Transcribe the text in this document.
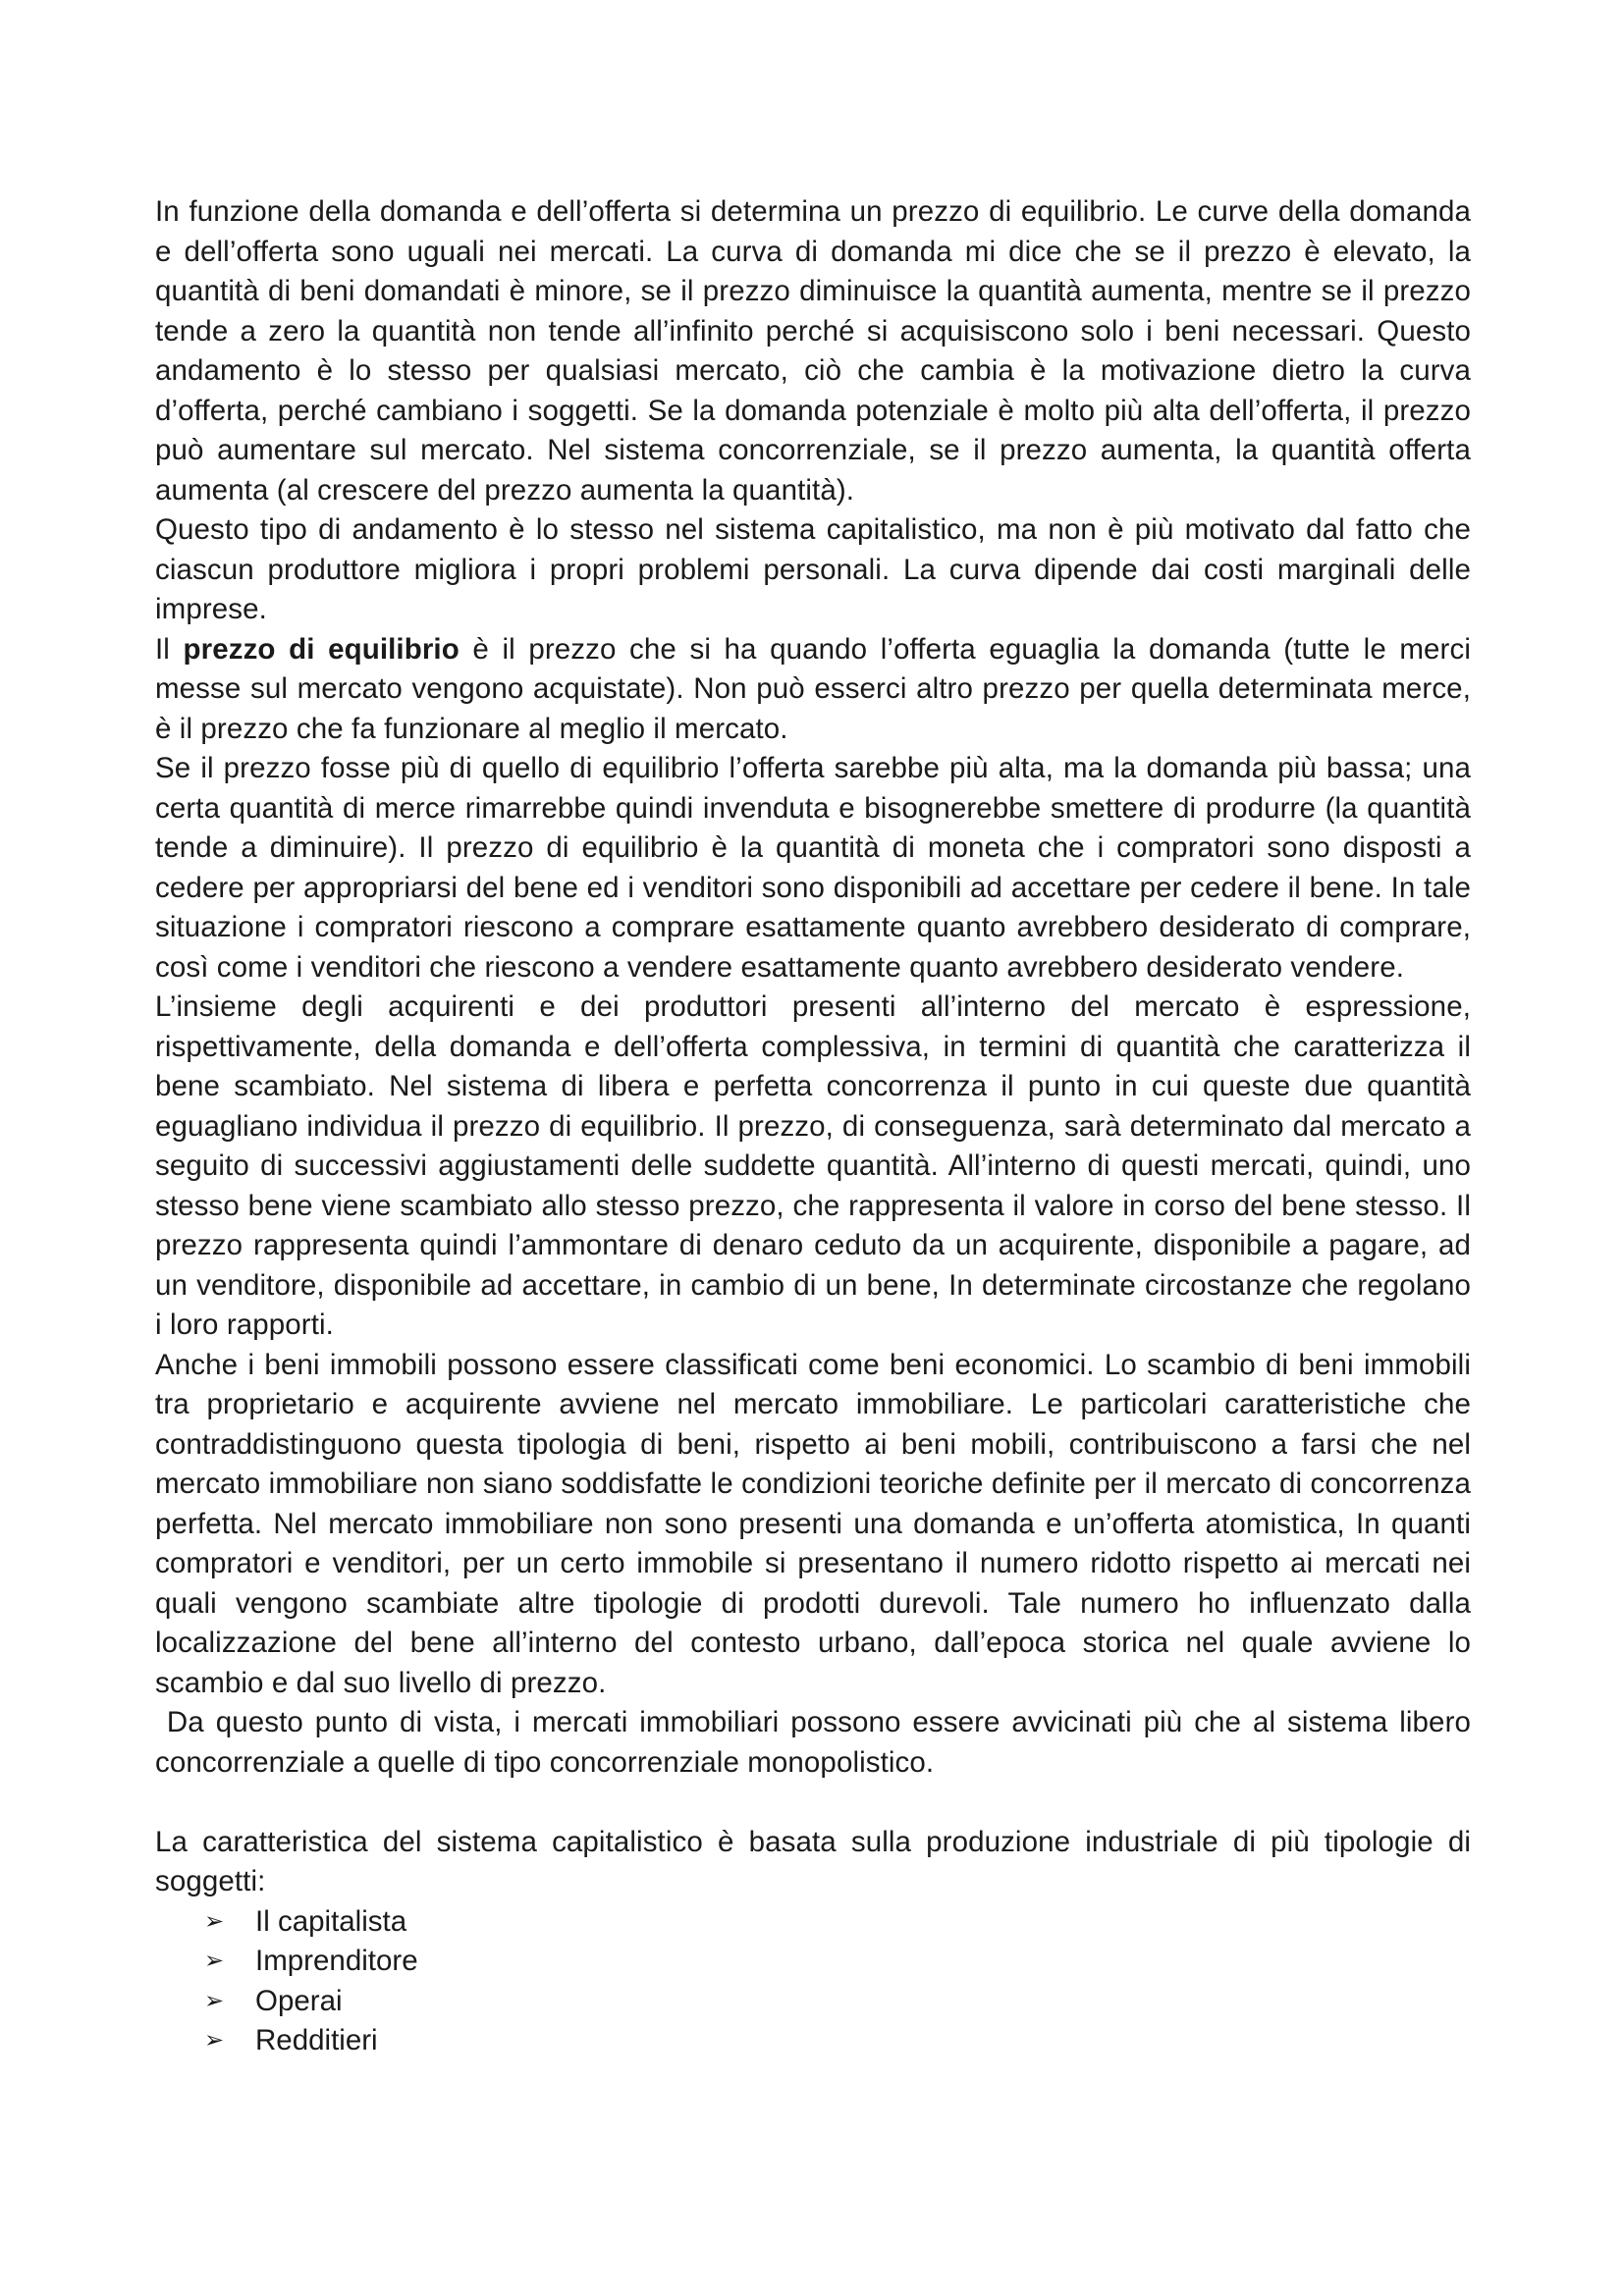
In funzione della domanda e dell’offerta si determina un prezzo di equilibrio. Le curve della domanda e dell’offerta sono uguali nei mercati. La curva di domanda mi dice che se il prezzo è elevato, la quantità di beni domandati è minore, se il prezzo diminuisce la quantità aumenta, mentre se il prezzo tende a zero la quantità non tende all’infinito perché si acquisiscono solo i beni necessari. Questo andamento è lo stesso per qualsiasi mercato, ciò che cambia è la motivazione dietro la curva d’offerta, perché cambiano i soggetti. Se la domanda potenziale è molto più alta dell’offerta, il prezzo può aumentare sul mercato. Nel sistema concorrenziale, se il prezzo aumenta, la quantità offerta aumenta (al crescere del prezzo aumenta la quantità).

Questo tipo di andamento è lo stesso nel sistema capitalistico, ma non è più motivato dal fatto che ciascun produttore migliora i propri problemi personali. La curva dipende dai costi marginali delle imprese.

Il prezzo di equilibrio è il prezzo che si ha quando l’offerta eguaglia la domanda (tutte le merci messe sul mercato vengono acquistate). Non può esserci altro prezzo per quella determinata merce, è il prezzo che fa funzionare al meglio il mercato.

Se il prezzo fosse più di quello di equilibrio l’offerta sarebbe più alta, ma la domanda più bassa; una certa quantità di merce rimarrebbe quindi invenduta e bisognerebbe smettere di produrre (la quantità tende a diminuire). Il prezzo di equilibrio è la quantità di moneta che i compratori sono disposti a cedere per appropriarsi del bene ed i venditori sono disponibili ad accettare per cedere il bene. In tale situazione i compratori riescono a comprare esattamente quanto avrebbero desiderato di comprare, così come i venditori che riescono a vendere esattamente quanto avrebbero desiderato vendere.

L’insieme degli acquirenti e dei produttori presenti all’interno del mercato è espressione, rispettivamente, della domanda e dell’offerta complessiva, in termini di quantità che caratterizza il bene scambiato. Nel sistema di libera e perfetta concorrenza il punto in cui queste due quantità eguagliano individua il prezzo di equilibrio. Il prezzo, di conseguenza, sarà determinato dal mercato a seguito di successivi aggiustamenti delle suddette quantità. All’interno di questi mercati, quindi, uno stesso bene viene scambiato allo stesso prezzo, che rappresenta il valore in corso del bene stesso. Il prezzo rappresenta quindi l’ammontare di denaro ceduto da un acquirente, disponibile a pagare, ad un venditore, disponibile ad accettare, in cambio di un bene, In determinate circostanze che regolano i loro rapporti.

Anche i beni immobili possono essere classificati come beni economici. Lo scambio di beni immobili tra proprietario e acquirente avviene nel mercato immobiliare. Le particolari caratteristiche che contraddistinguono questa tipologia di beni, rispetto ai beni mobili, contribuiscono a farsi che nel mercato immobiliare non siano soddisfatte le condizioni teoriche definite per il mercato di concorrenza perfetta. Nel mercato immobiliare non sono presenti una domanda e un’offerta atomistica, In quanti compratori e venditori, per un certo immobile si presentano il numero ridotto rispetto ai mercati nei quali vengono scambiate altre tipologie di prodotti durevoli. Tale numero ho influenzato dalla localizzazione del bene all’interno del contesto urbano, dall’epoca storica nel quale avviene lo scambio e dal suo livello di prezzo.

Da questo punto di vista, i mercati immobiliari possono essere avvicinati più che al sistema libero concorrenziale a quelle di tipo concorrenziale monopolistico.

La caratteristica del sistema capitalistico è basata sulla produzione industriale di più tipologie di soggetti:

➢	Il capitalista
➢	Imprenditore
➢	Operai
➢	Redditieri
